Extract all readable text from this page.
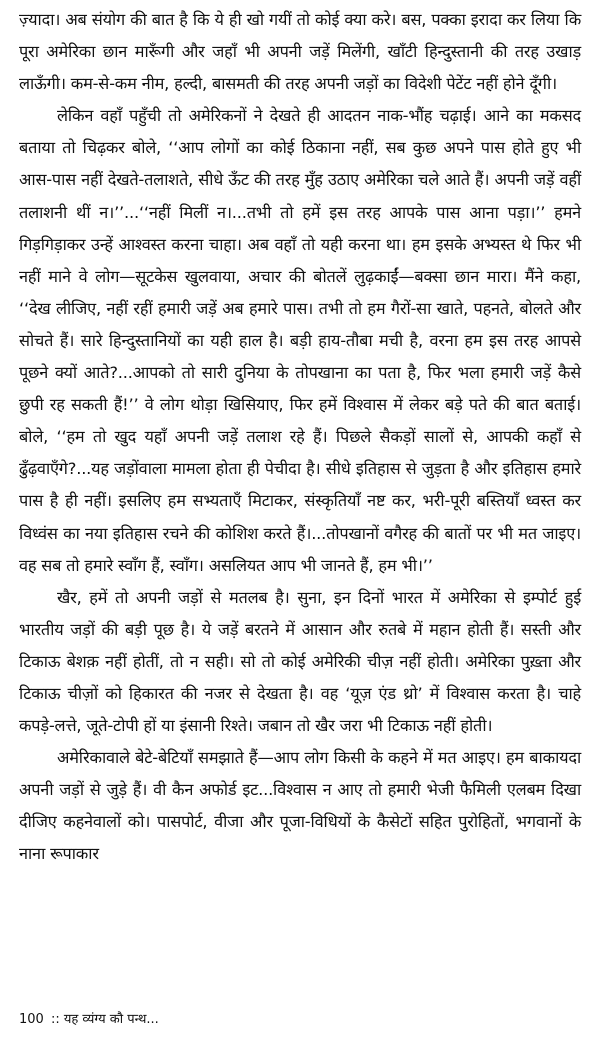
ज़्यादा। अब संयोग की बात है कि ये ही खो गयीं तो कोई क्या करे। बस, पक्का इरादा कर लिया कि पूरा अमेरिका छान मारूँगी और जहाँ भी अपनी जड़ें मिलेंगी, खाँटी हिन्दुस्तानी की तरह उखाड़ लाऊँगी। कम-से-कम नीम, हल्दी, बासमती की तरह अपनी जड़ों का विदेशी पेटेंट नहीं होने दूँगी।

लेकिन वहाँ पहुँची तो अमेरिकनों ने देखते ही आदतन नाक-भौंह चढ़ाई। आने का मकसद बताया तो चिढ़कर बोले, ‘‘आप लोगों का कोई ठिकाना नहीं, सब कुछ अपने पास होते हुए भी आस-पास नहीं देखते-तलाशते, सीधे ऊँट की तरह मुँह उठाए अमेरिका चले आते हैं। अपनी जड़ें वहीं तलाशनी थीं न।’’...‘‘नहीं मिलीं न।...तभी तो हमें इस तरह आपके पास आना पड़ा।’’ हमने गिड़गिड़ाकर उन्हें आश्वस्त करना चाहा। अब वहाँ तो यही करना था। हम इसके अभ्यस्त थे फिर भी नहीं माने वे लोग—सूटकेस खुलवाया, अचार की बोतलें लुढ़काईं—बक्सा छान मारा। मैंने कहा, ‘‘देख लीजिए, नहीं रहीं हमारी जड़ें अब हमारे पास। तभी तो हम गैरों-सा खाते, पहनते, बोलते और सोचते हैं। सारे हिन्दुस्तानियों का यही हाल है। बड़ी हाय-तौबा मची है, वरना हम इस तरह आपसे पूछने क्यों आते?...आपको तो सारी दुनिया के तोपखाना का पता है, फिर भला हमारी जड़ें कैसे छुपी रह सकती हैं!’’ वे लोग थोड़ा खिसियाए, फिर हमें विश्वास में लेकर बड़े पते की बात बताई। बोले, ‘‘हम तो खुद यहाँ अपनी जड़ें तलाश रहे हैं। पिछले सैकड़ों सालों से, आपकी कहाँ से ढुँढ़वाएँगे?...यह जड़ोंवाला मामला होता ही पेचीदा है। सीधे इतिहास से जुड़ता है और इतिहास हमारे पास है ही नहीं। इसलिए हम सभ्यताएँ मिटाकर, संस्कृतियाँ नष्ट कर, भरी-पूरी बस्तियाँ ध्वस्त कर विध्वंस का नया इतिहास रचने की कोशिश करते हैं।...तोपखानों वगैरह की बातों पर भी मत जाइए। वह सब तो हमारे स्वाँग हैं, स्वाँग। असलियत आप भी जानते हैं, हम भी।’’

खैर, हमें तो अपनी जड़ों से मतलब है। सुना, इन दिनों भारत में अमेरिका से इम्पोर्ट हुई भारतीय जड़ों की बड़ी पूछ है। ये जड़ें बरतने में आसान और रुतबे में महान होती हैं। सस्ती और टिकाऊ बेशक़ नहीं होतीं, तो न सही। सो तो कोई अमेरिकी चीज़ नहीं होती। अमेरिका पुख़्ता और टिकाऊ चीज़ों को हिकारत की नजर से देखता है। वह ‘यूज़ एंड थ्रो’ में विश्वास करता है। चाहे कपड़े-लत्ते, जूते-टोपी हों या इंसानी रिश्ते। जबान तो खैर जरा भी टिकाऊ नहीं होती।

अमेरिकावाले बेटे-बेटियाँ समझाते हैं—आप लोग किसी के कहने में मत आइए। हम बाकायदा अपनी जड़ों से जुड़े हैं। वी कैन अफोर्ड इट...विश्वास न आए तो हमारी भेजी फैमिली एलबम दिखा दीजिए कहनेवालों को। पासपोर्ट, वीजा और पूजा-विधियों के कैसेटों सहित पुरोहितों, भगवानों के नाना रूपाकार

100 :: यह व्यंग्य कौ पन्थ...
